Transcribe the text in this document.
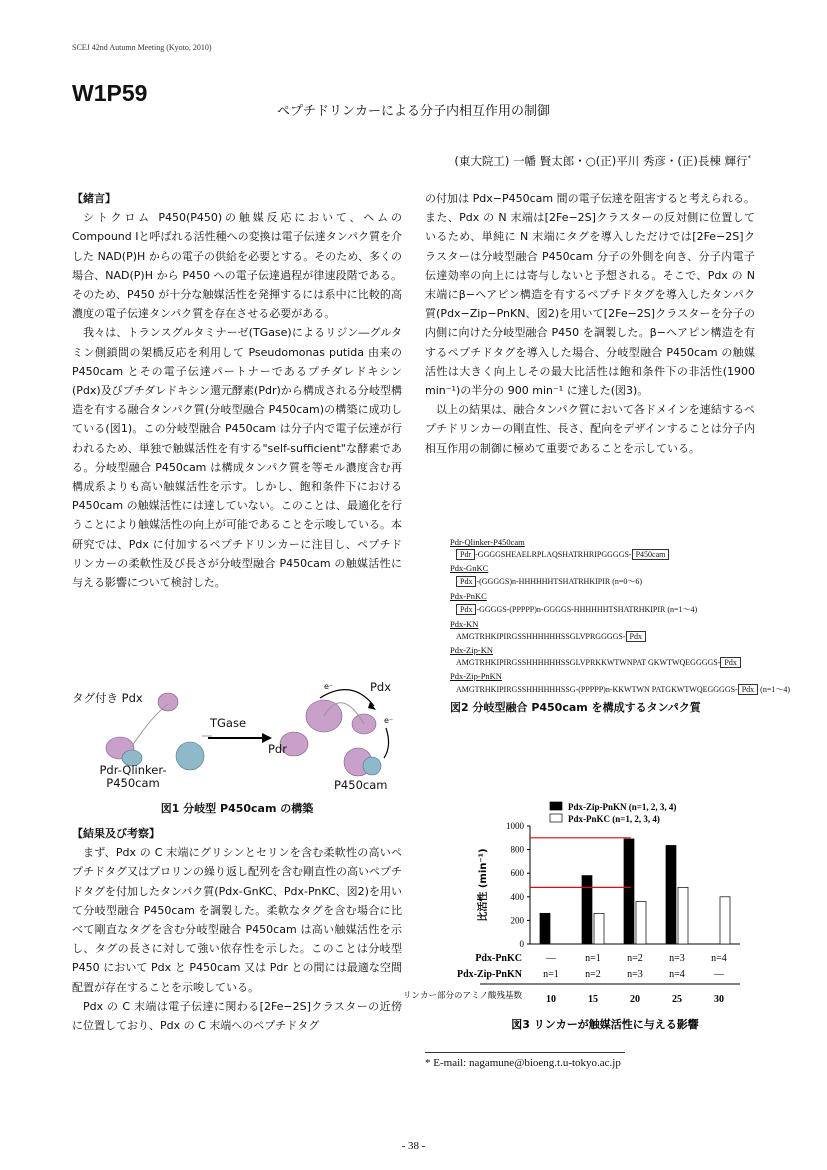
SCEJ 42nd Autumn Meeting (Kyoto, 2010)
W1P59
ペプチドリンカーによる分子内相互作用の制御
(東大院工) 一幡 賢太郎・○(正)平川 秀彦・(正)長棟 輝行*

【緒言】

シトクロム P450(P450)の触媒反応において、ヘムの Compound Ⅰと呼ばれる活性種への変換は電子伝達タンパク質を介した NAD(P)H からの電子の供給を必要とする。そのため、多くの場合、NAD(P)H から P450 への電子伝達過程が律速段階である。そのため、P450 が十分な触媒活性を発揮するには系中に比較的高濃度の電子伝達タンパク質を存在させる必要がある。

我々は、トランスグルタミナーゼ(TGase)によるリジン―グルタミン側鎖間の架橋反応を利用して Pseudomonas putida 由来の P450cam とその電子伝達パートナーであるプチダレドキシン(Pdx)及びプチダレドキシン還元酵素(Pdr)から構成される分岐型構造を有する融合タンパク質(分岐型融合 P450cam)の構築に成功している(図1)。この分岐型融合 P450cam は分子内で電子伝達が行われるため、単独で触媒活性を有する"self-sufficient"な酵素である。分岐型融合 P450cam は構成タンパク質を等モル濃度含む再構成系よりも高い触媒活性を示す。しかし、飽和条件下における P450cam の触媒活性には達していない。このことは、最適化を行うことにより触媒活性の向上が可能であることを示唆している。本研究では、Pdx に付加するペプチドリンカーに注目し、ペプチドリンカーの柔軟性及び長さが分岐型融合 P450cam の触媒活性に与える影響について検討した。

タグ付き Pdx
TGase
Pdx
Pdr
e⁻
e⁻
Pdr-Qlinker-P450cam	P450cam
図1 分岐型 P450cam の構築

【結果及び考察】

まず、Pdx の C 末端にグリシンとセリンを含む柔軟性の高いペプチドタグ又はプロリンの繰り返し配列を含む剛直性の高いペプチドタグを付加したタンパク質(Pdx-GnKC、Pdx-PnKC、図2)を用いて分岐型融合 P450cam を調製した。柔軟なタグを含む場合に比べて剛直なタグを含む分岐型融合 P450cam は高い触媒活性を示し、タグの長さに対して強い依存性を示した。このことは分岐型 P450 において Pdx と P450cam 又は Pdr との間には最適な空間配置が存在することを示唆している。

Pdx の C 末端は電子伝達に関わる[2Fe−2S]クラスターの近傍に位置しており、Pdx の C 末端へのペプチドタグ

の付加は Pdx−P450cam 間の電子伝達を阻害すると考えられる。また、Pdx の N 末端は[2Fe−2S]クラスターの反対側に位置しているため、単純に N 末端にタグを導入しただけでは[2Fe−2S]クラスターは分岐型融合 P450cam 分子の外側を向き、分子内電子伝達効率の向上には寄与しないと予想される。そこで、Pdx の N 末端にβ−ヘアピン構造を有するペプチドタグを導入したタンパク質(Pdx−Zip−PnKN、図2)を用いて[2Fe−2S]クラスターを分子の内側に向けた分岐型融合 P450 を調製した。β−ヘアピン構造を有するペプチドタグを導入した場合、分岐型融合 P450cam の触媒活性は大きく向上しその最大比活性は飽和条件下の非活性(1900 min⁻¹)の半分の 900 min⁻¹ に達した(図3)。

以上の結果は、融合タンパク質において各ドメインを連結するペプチドリンカーの剛直性、長さ、配向をデザインすることは分子内相互作用の制御に極めて重要であることを示している。

Pdr-Qlinker-P450cam
Pdr -GGGGSHEAELRPLAQSHATRHRIPGGGGS- P450cam
Pdx-GnKC
Pdx -(GGGGS)n-HHHHHHTSHATRHKIPIR (n=0～6)
Pdx-PnKC
Pdx -GGGGS-(PPPPP)n-GGGGS-HHHHHHTSHATRHKIPIR (n=1～4)
Pdx-KN
AMGTRHKIPIRGSSHHHHHHSSGLVPRGGGGS- Pdx
Pdx-Zip-KN
AMGTRHKIPIRGSSHHHHHHSSGLVPRKKWTWNPAT GKWTWQEGGGGS- Pdx
Pdx-Zip-PnKN
AMGTRHKIPIRGSSHHHHHHSSG-(PPPPP)n-KKWTWN PATGKWTWQEGGGGS- Pdx (n=1～4)
図2 分岐型融合 P450cam を構成するタンパク質
0
200
400
600
800
1000
比活性 (min⁻¹)
Pdx-Zip-PnKN (n=1, 2, 3, 4)
Pdx-PnKC (n=1, 2, 3, 4)
Pdx-PnKC —	n=1	n=2	n=3	n=4
Pdx-Zip-PnKN n=1	n=2	n=3	n=4	—
リンカー部分のアミノ酸残基数 10	15	20	25	30
図3 リンカーが触媒活性に与える影響
* E-mail: nagamune@bioeng.t.u-tokyo.ac.jp
- 38 -
